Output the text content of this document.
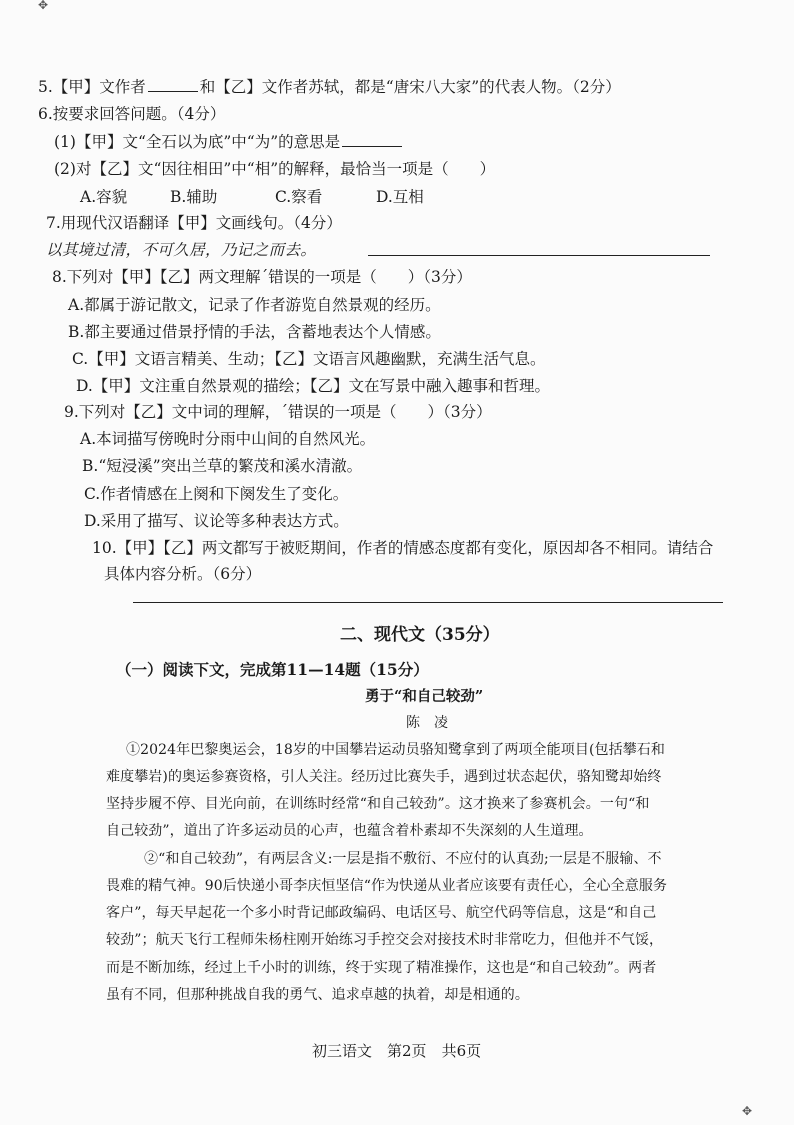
✥
5.【甲】文作者	和【乙】文作者苏轼，都是“唐宋八大家”的代表人物。（2分）
6.按要求回答问题。（4分）
(1)【甲】文“全石以为底”中“为”的意思是
(2)对【乙】文“因往相田”中“相”的解释，最恰当一项是（　　）
A.容貌	B.辅助	C.察看	D.互相
7.用现代汉语翻译【甲】文画线句。（4分）
以其境过清，不可久居，乃记之而去。
8.下列对【甲】【乙】两文理解ˊ错误的一项是（　　）（3分）
A.都属于游记散文，记录了作者游览自然景观的经历。
B.都主要通过借景抒情的手法，含蓄地表达个人情感。
C.【甲】文语言精美、生动；【乙】文语言风趣幽默，充满生活气息。
D.【甲】文注重自然景观的描绘；【乙】文在写景中融入趣事和哲理。
9.下列对【乙】文中词的理解，ˊ错误的一项是（　　）（3分）
A.本词描写傍晚时分雨中山间的自然风光。
B.“短浸溪”突出兰草的繁茂和溪水清澈。
C.作者情感在上阕和下阕发生了变化。
D.采用了描写、议论等多种表达方式。
10.【甲】【乙】两文都写于被贬期间，作者的情感态度都有变化，原因却各不相同。请结合
具体内容分析。（6分）
二、现代文（35分）
（一）阅读下文，完成第11—14题（15分）
勇于“和自己较劲”
陈　凌
①2024年巴黎奥运会，18岁的中国攀岩运动员骆知鹭拿到了两项全能项目(包括攀石和
难度攀岩)的奥运参赛资格，引人关注。经历过比赛失手，遇到过状态起伏，骆知鹭却始终
坚持步履不停、目光向前，在训练时经常“和自己较劲”。这才换来了参赛机会。一句“和
自己较劲”，道出了许多运动员的心声，也蕴含着朴素却不失深刻的人生道理。
②“和自己较劲”，有两层含义:一层是指不敷衍、不应付的认真劲;一层是不服输、不
畏难的精气神。90后快递小哥李庆恒坚信“作为快递从业者应该要有责任心，全心全意服务
客户”，每天早起花一个多小时背记邮政编码、电话区号、航空代码等信息，这是“和自己
较劲”；航天飞行工程师朱杨柱刚开始练习手控交会对接技术时非常吃力，但他并不气馁，
而是不断加练，经过上千小时的训练，终于实现了精准操作，这也是“和自己较劲”。两者
虽有不同，但那种挑战自我的勇气、追求卓越的执着，却是相通的。
初三语文  第2页  共6页
✥
